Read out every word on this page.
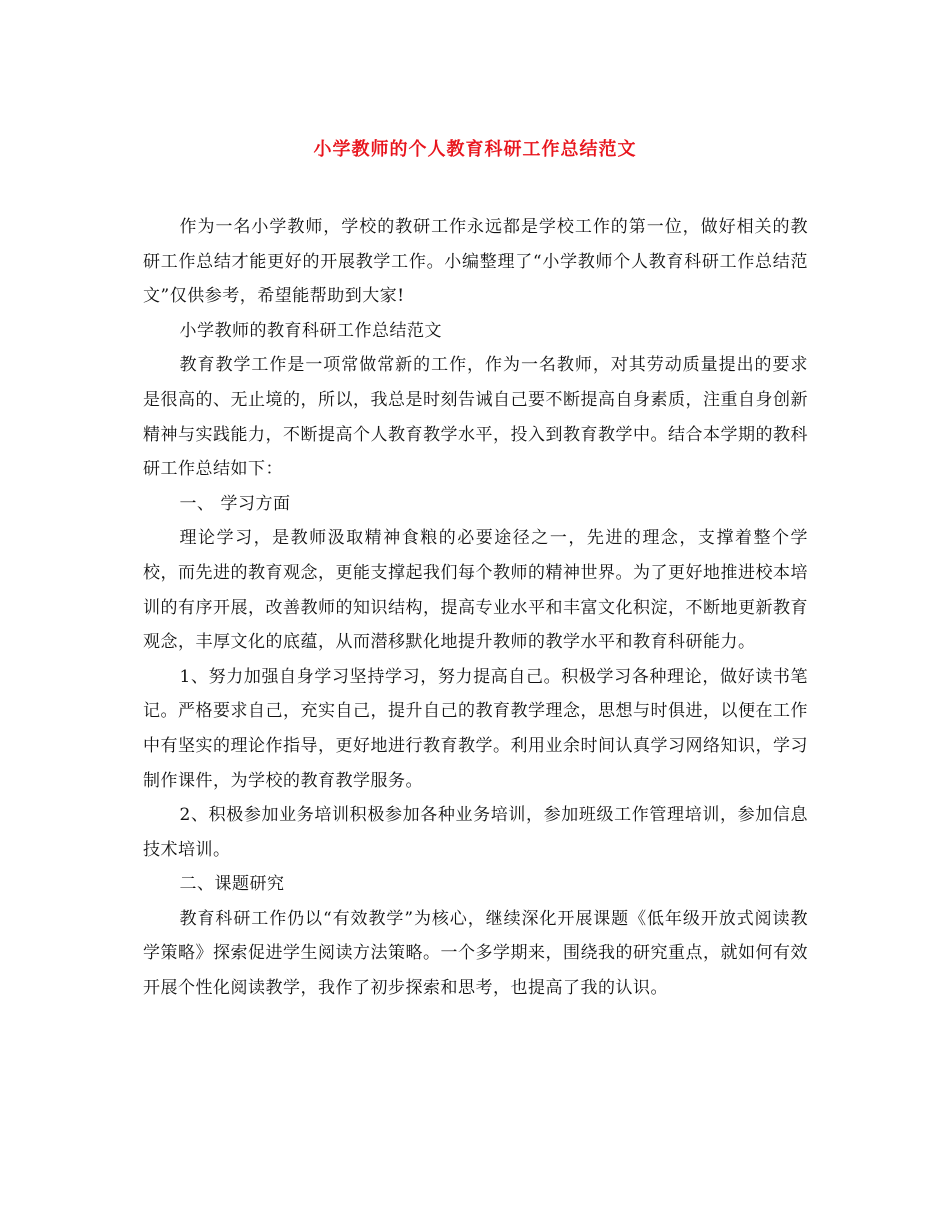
小学教师的个人教育科研工作总结范文

作为一名小学教师，学校的教研工作永远都是学校工作的第一位，做好相关的教研工作总结才能更好的开展教学工作。小编整理了“小学教师个人教育科研工作总结范文”仅供参考，希望能帮助到大家!

小学教师的教育科研工作总结范文

教育教学工作是一项常做常新的工作，作为一名教师，对其劳动质量提出的要求是很高的、无止境的，所以，我总是时刻告诫自己要不断提高自身素质，注重自身创新精神与实践能力，不断提高个人教育教学水平，投入到教育教学中。结合本学期的教科研工作总结如下：

一、 学习方面

理论学习，是教师汲取精神食粮的必要途径之一，先进的理念，支撑着整个学校，而先进的教育观念，更能支撑起我们每个教师的精神世界。为了更好地推进校本培训的有序开展，改善教师的知识结构，提高专业水平和丰富文化积淀，不断地更新教育观念，丰厚文化的底蕴，从而潜移默化地提升教师的教学水平和教育科研能力。

1、努力加强自身学习坚持学习，努力提高自己。积极学习各种理论，做好读书笔记。严格要求自己，充实自己，提升自己的教育教学理念，思想与时俱进，以便在工作中有坚实的理论作指导，更好地进行教育教学。利用业余时间认真学习网络知识，学习制作课件，为学校的教育教学服务。

2、积极参加业务培训积极参加各种业务培训，参加班级工作管理培训，参加信息技术培训。

二、课题研究

教育科研工作仍以“有效教学”为核心，继续深化开展课题《低年级开放式阅读教学策略》探索促进学生阅读方法策略。一个多学期来，围绕我的研究重点，就如何有效开展个性化阅读教学，我作了初步探索和思考，也提高了我的认识。
